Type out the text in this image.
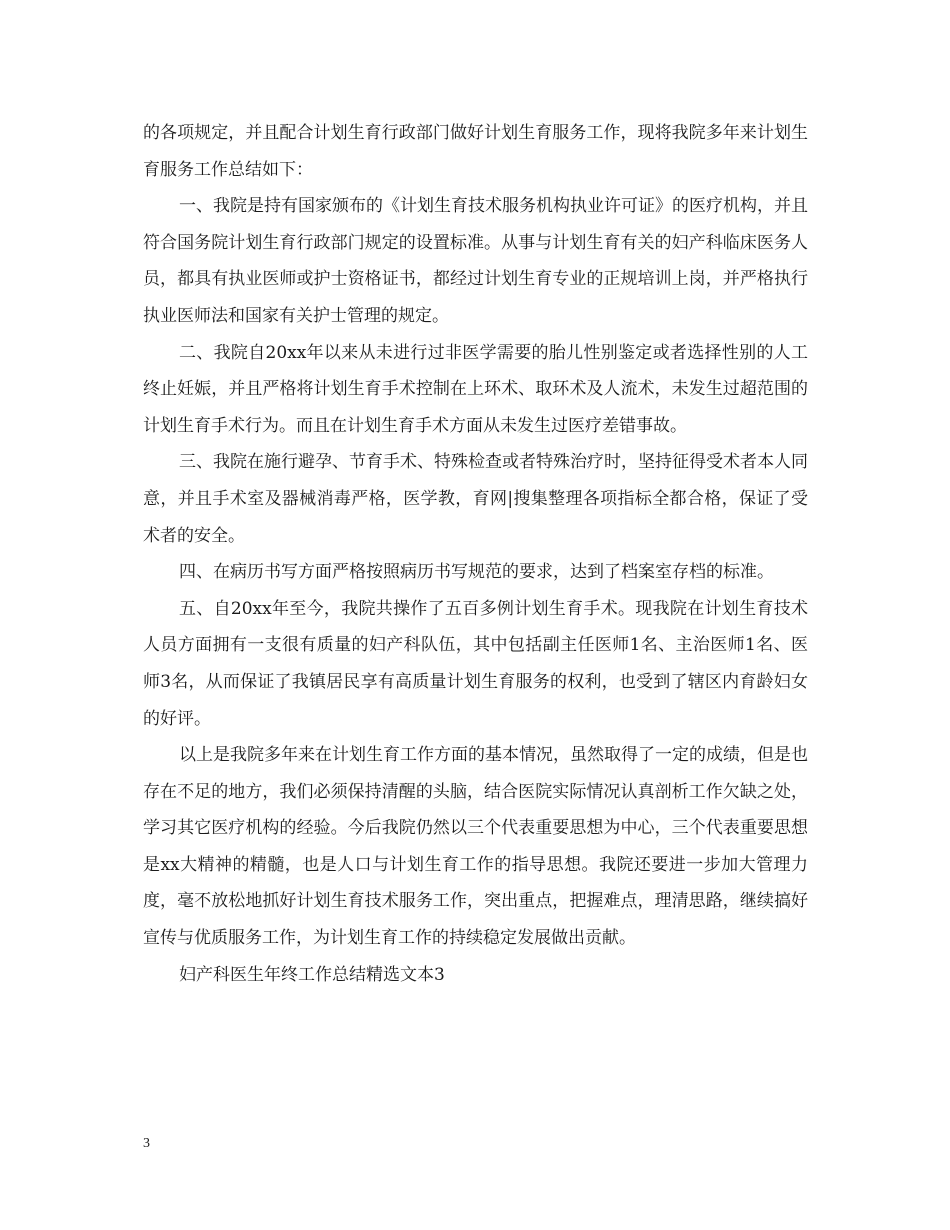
的各项规定，并且配合计划生育行政部门做好计划生育服务工作，现将我院多年来计划生育服务工作总结如下：

一、我院是持有国家颁布的《计划生育技术服务机构执业许可证》的医疗机构，并且符合国务院计划生育行政部门规定的设置标准。从事与计划生育有关的妇产科临床医务人员，都具有执业医师或护士资格证书，都经过计划生育专业的正规培训上岗，并严格执行执业医师法和国家有关护士管理的规定。

二、我院自20xx年以来从未进行过非医学需要的胎儿性别鉴定或者选择性别的人工终止妊娠，并且严格将计划生育手术控制在上环术、取环术及人流术，未发生过超范围的计划生育手术行为。而且在计划生育手术方面从未发生过医疗差错事故。

三、我院在施行避孕、节育手术、特殊检查或者特殊治疗时，坚持征得受术者本人同意，并且手术室及器械消毒严格，医学教，育网|搜集整理各项指标全都合格，保证了受术者的安全。

四、在病历书写方面严格按照病历书写规范的要求，达到了档案室存档的标准。

五、自20xx年至今，我院共操作了五百多例计划生育手术。现我院在计划生育技术人员方面拥有一支很有质量的妇产科队伍，其中包括副主任医师1名、主治医师1名、医师3名，从而保证了我镇居民享有高质量计划生育服务的权利，也受到了辖区内育龄妇女的好评。

以上是我院多年来在计划生育工作方面的基本情况，虽然取得了一定的成绩，但是也存在不足的地方，我们必须保持清醒的头脑，结合医院实际情况认真剖析工作欠缺之处，学习其它医疗机构的经验。今后我院仍然以三个代表重要思想为中心，三个代表重要思想是xx大精神的精髓，也是人口与计划生育工作的指导思想。我院还要进一步加大管理力度，毫不放松地抓好计划生育技术服务工作，突出重点，把握难点，理清思路，继续搞好宣传与优质服务工作，为计划生育工作的持续稳定发展做出贡献。

妇产科医生年终工作总结精选文本3

3
